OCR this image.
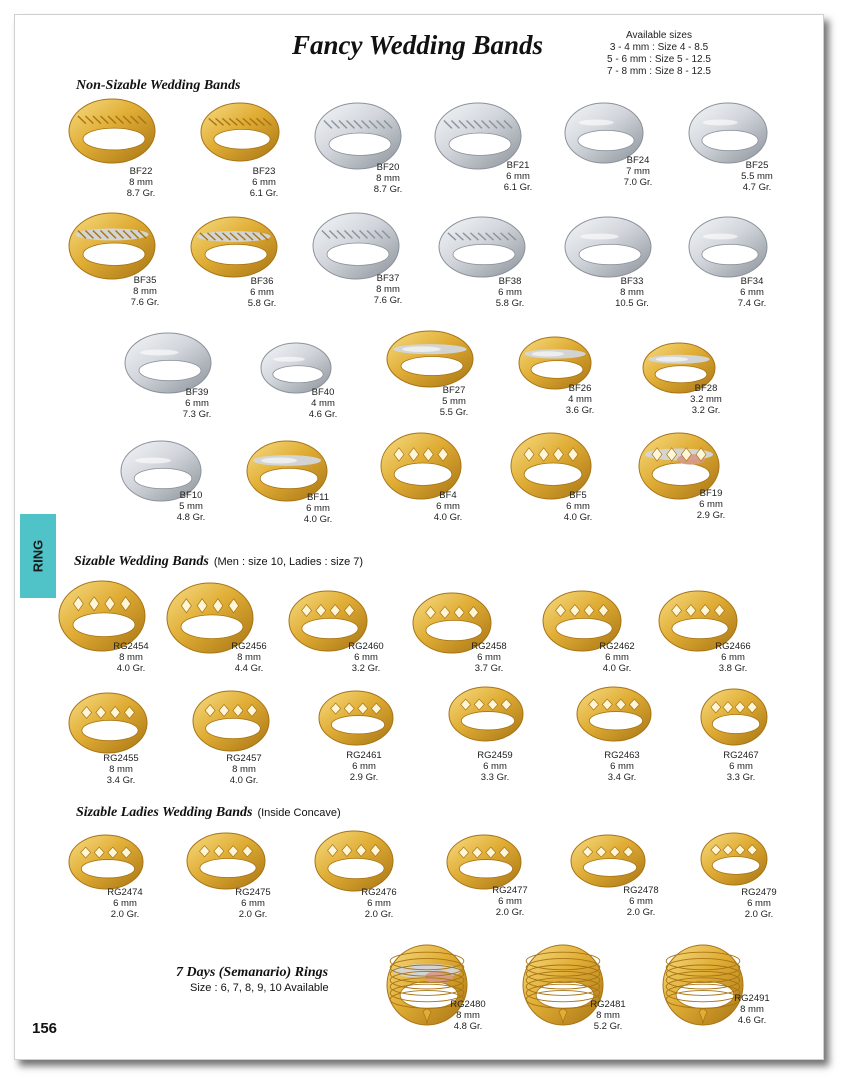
Fancy Wedding Bands	Available sizes
3 - 4 mm : Size 4 - 8.5
5 - 6 mm : Size 5 - 12.5
7 - 8 mm : Size 8 - 12.5
Non-Sizable Wedding Bands
Sizable Wedding Bands (Men : size 10, Ladies : size 7)
Sizable Ladies Wedding Bands (Inside Concave)
7 Days (Semanario) Rings
Size : 6, 7, 8, 9, 10 Available
RING
156
BF22
8 mm
8.7 Gr.
BF23
6 mm
6.1 Gr.
BF20
8 mm
8.7 Gr.
BF21
6 mm
6.1 Gr.
BF24
7 mm
7.0 Gr.
BF25
5.5 mm
4.7 Gr.
BF35
8 mm
7.6 Gr.
BF36
6 mm
5.8 Gr.
BF37
8 mm
7.6 Gr.
BF38
6 mm
5.8 Gr.
BF33
8 mm
10.5 Gr.
BF34
6 mm
7.4 Gr.
BF39
6 mm
7.3 Gr.
BF40
4 mm
4.6 Gr.
BF27
5 mm
5.5 Gr.
BF26
4 mm
3.6 Gr.
BF28
3.2 mm
3.2 Gr.
BF10
5 mm
4.8 Gr.
BF11
6 mm
4.0 Gr.
BF4
6 mm
4.0 Gr.
BF5
6 mm
4.0 Gr.
BF19
6 mm
2.9 Gr.
RG2454
8 mm
4.0 Gr.
RG2456
8 mm
4.4 Gr.
RG2460
6 mm
3.2 Gr.
RG2458
6 mm
3.7 Gr.
RG2462
6 mm
4.0 Gr.
RG2466
6 mm
3.8 Gr.
RG2455
8 mm
3.4 Gr.
RG2457
8 mm
4.0 Gr.
RG2461
6 mm
2.9 Gr.
RG2459
6 mm
3.3 Gr.
RG2463
6 mm
3.4 Gr.
RG2467
6 mm
3.3 Gr.
RG2474
6 mm
2.0 Gr.
RG2475
6 mm
2.0 Gr.
RG2476
6 mm
2.0 Gr.
RG2477
6 mm
2.0 Gr.
RG2478
6 mm
2.0 Gr.
RG2479
6 mm
2.0 Gr.
RG2480
8 mm
4.8 Gr.
RG2481
8 mm
5.2 Gr.
RG2491
8 mm
4.6 Gr.
